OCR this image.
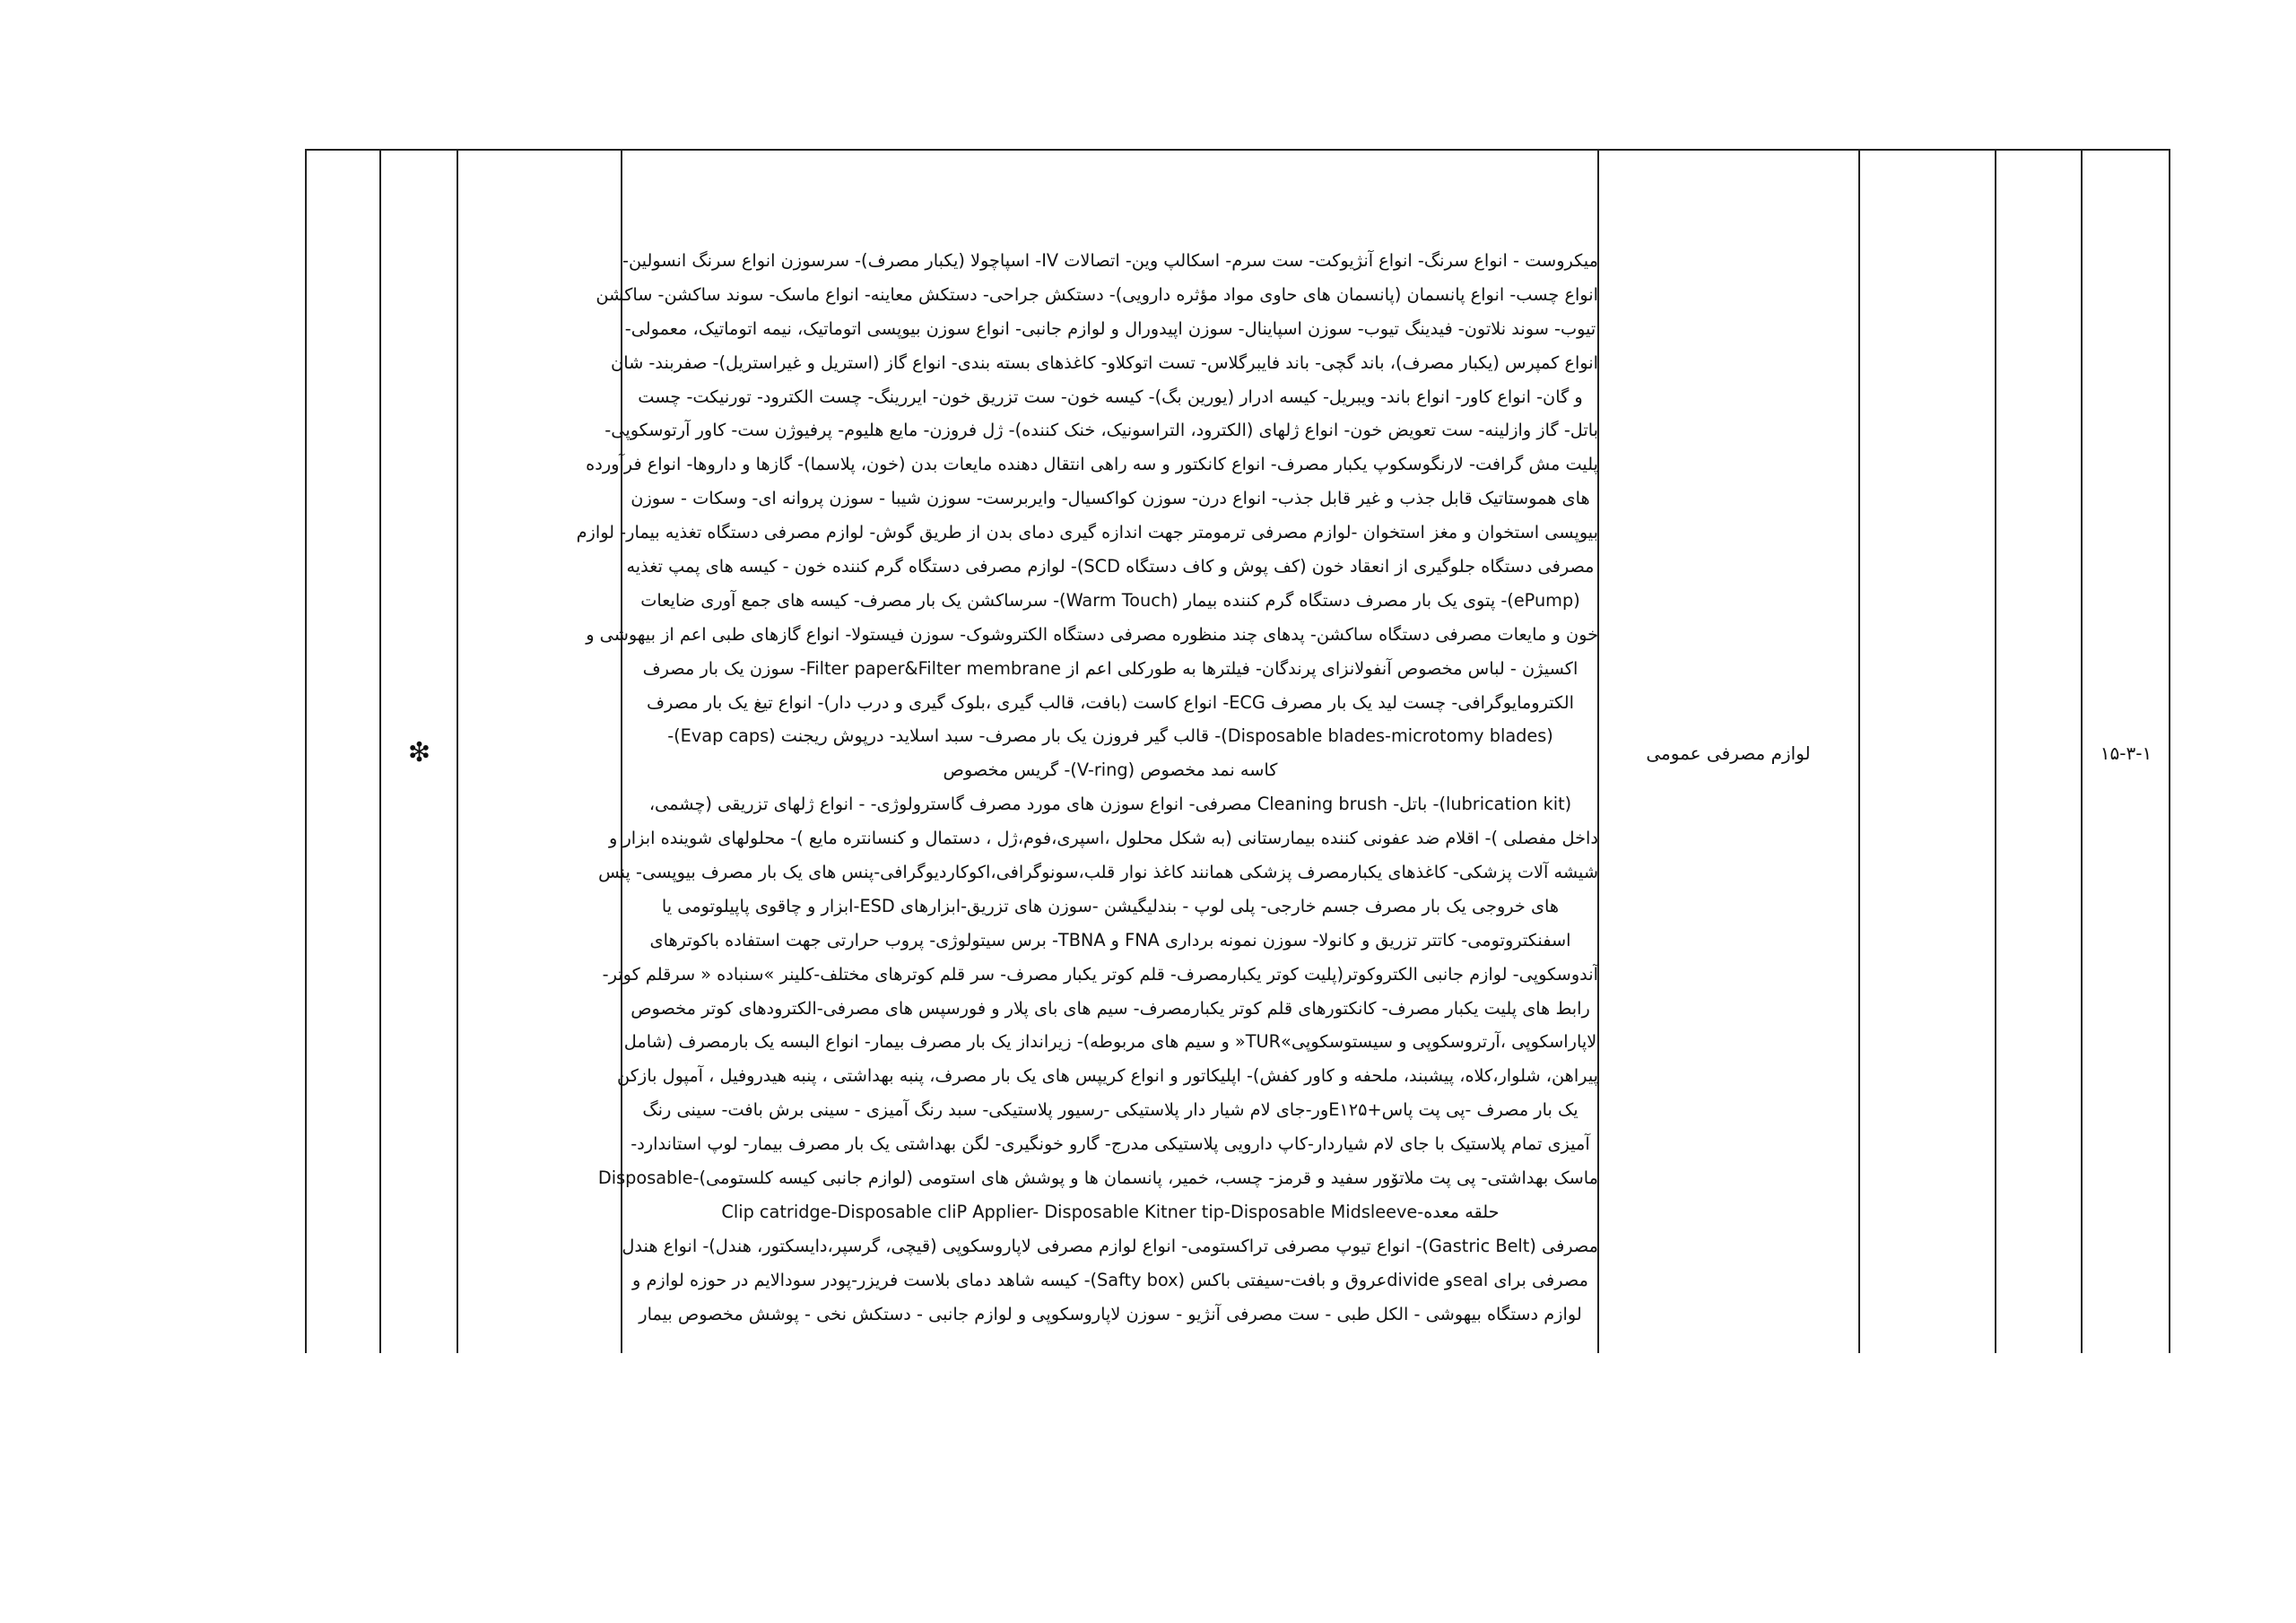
❇
میکروست - انواع سرنگ- انواع آنژیوکت- ست سرم- اسکالپ وین- اتصالات IV- اسپاچولا (یکبار مصرف)- سرسوزن انواع سرنگ انسولین-
انواع چسب- انواع پانسمان (پانسمان های حاوی مواد مؤثره دارویی)- دستکش جراحی- دستکش معاینه- انواع ماسک- سوند ساکشن- ساکشن
تیوب- سوند نلاتون- فیدینگ تیوب- سوزن اسپاینال- سوزن اپیدورال و لوازم جانبی- انواع سوزن بیوپسی اتوماتیک، نیمه اتوماتیک، معمولی-
انواع کمپرس (یکبار مصرف)، باند گچی- باند فایبرگلاس- تست اتوکلاو- کاغذهای بسته بندی- انواع گاز (استریل و غیراستریل)- صفربند- شان
و گان- انواع کاور- انواع باند- ویبریل- کیسه ادرار (یورین بگ)- کیسه خون- ست تزریق خون- ایررینگ- چست الکترود- تورنیکت- چست
باتل- گاز وازلینه- ست تعویض خون- انواع ژلهای (الکترود، التراسونیک، خنک کننده)- ژل فروزن- مایع هلیوم- پرفیوژن ست- کاور آرتوسکوپی-
پلیت مش گرافت- لارنگوسکوپ یکبار مصرف- انواع کانکتور و سه راهی انتقال دهنده مایعات بدن (خون، پلاسما)- گازها و داروها- انواع فرآورده
های هموستاتیک قابل جذب و غیر قابل جذب- انواع درن- سوزن کواکسیال- وایربرست- سوزن شیبا - سوزن پروانه ای- وسکات - سوزن
بیوپسی استخوان و مغز استخوان -لوازم مصرفی ترمومتر جهت اندازه گیری دمای بدن از طریق گوش- لوازم مصرفی دستگاه تغذیه بیمار- لوازم
مصرفی دستگاه جلوگیری از انعقاد خون (کف پوش و کاف دستگاه SCD)- لوازم مصرفی دستگاه گرم کننده خون - کیسه های پمپ تغذیه
(ePump)- پتوی یک بار مصرف دستگاه گرم کننده بیمار (Warm Touch)- سرساکشن یک بار مصرف- کیسه های جمع آوری ضایعات
خون و مایعات مصرفی دستگاه ساکشن- پدهای چند منظوره مصرفی دستگاه الکتروشوک- سوزن فیستولا- انواع گازهای طبی اعم از بیهوشی و
اکسیژن - لباس مخصوص آنفولانزای پرندگان- فیلترها به طورکلی اعم از Filter paper&Filter membrane- سوزن یک بار مصرف
الکترومایوگرافی- چست لید یک بار مصرف ECG- انواع کاست (بافت، قالب گیری ،بلوک گیری و درب دار)- انواع تیغ یک بار مصرف
(Disposable blades-microtomy blades)- قالب گیر فروزن یک بار مصرف- سبد اسلاید- درپوش ریجنت (Evap caps)-
کاسه نمد مخصوص (V-ring)- گریس مخصوص
(lubrication kit)- باتل- Cleaning brush مصرفی- انواع سوزن های مورد مصرف گاسترولوژی- - انواع ژلهای تزریقی (چشمی،
داخل مفصلی )- اقلام ضد عفونی کننده بیمارستانی (به شکل محلول ،اسپری،فوم،ژل ، دستمال و کنسانتره مایع )- محلولهای شوینده ابزار و
شیشه آلات پزشکی- کاغذهای یکبارمصرف پزشکی همانند کاغذ نوار قلب،سونوگرافی،اکوکاردیوگرافی-پنس های یک بار مصرف بیوپسی- پنس
های خروجی یک بار مصرف جسم خارجی- پلی لوپ - بندلیگیشن -سوزن های تزریق-ابزارهای ESD-ابزار و چاقوی پاپیلوتومی یا
اسفنکتروتومی- کاتتر تزریق و کانولا- سوزن نمونه برداری FNA و TBNA- برس سیتولوژی- پروب حرارتی جهت استفاده باکوترهای
آندوسکوپی- لوازم جانبی الکتروکوتر(پلیت کوتر یکبارمصرف- قلم کوتر یکبار مصرف- سر قلم کوترهای مختلف-کلینر »سنباده « سرقلم کوتر-
رابط های پلیت یکبار مصرف- کانکتورهای قلم کوتر یکبارمصرف- سیم های بای پلار و فورسپس های مصرفی-الکترودهای کوتر مخصوص
لاپاراسکوپی ،آرتروسکوپی و سیستوسکوپی»TUR« و سیم های مربوطه)- زیرانداز یک بار مصرف بیمار- انواع البسه یک بارمصرف (شامل
پیراهن، شلوار،کلاه، پیشبند، ملحفه و کاور کفش)- اپلیکاتور و انواع کریپس های یک بار مصرف، پنبه بهداشتی ، پنبه هیدروفیل ، آمپول بازکن
یک بار مصرف -پی پت پاس+E۱۲۵ور-جای لام شیار دار پلاستیکی -رسیور پلاستیکی- سبد رنگ آمیزی - سینی برش بافت- سینی رنگ
آمیزی تمام پلاستیک با جای لام شیاردار-کاپ دارویی پلاستیکی مدرج- گارو خونگیری- لگن بهداشتی یک بار مصرف بیمار- لوپ استاندارد-
ماسک بهداشتی- پی پت ملاتۆور سفید و قرمز- چسب، خمیر، پانسمان ها و پوشش های استومی (لوازم جانبی کیسه کلستومی)-Disposable
حلقه معده-Clip catridge-Disposable cliP Applier- Disposable Kitner tip-Disposable Midsleeve
مصرفی (Gastric Belt)- انواع تیوپ مصرفی تراکستومی- انواع لوازم مصرفی لاپاروسکوپی (قیچی، گرسپر،دایسکتور، هندل)- انواع هندل
مصرفی برای sealو divideعروق و بافت-سیفتی باکس (Safty box)- کیسه شاهد دمای بلاست فریزر-پودر سودالایم در حوزه لوازم و
لوازم دستگاه بیهوشی - الکل طبی - ست مصرفی آنژیو - سوزن لاپاروسکوپی و لوازم جانبی - دستکش نخی - پوشش مخصوص بیمار
لوازم مصرفی عمومی	۱۵-۳-۱
